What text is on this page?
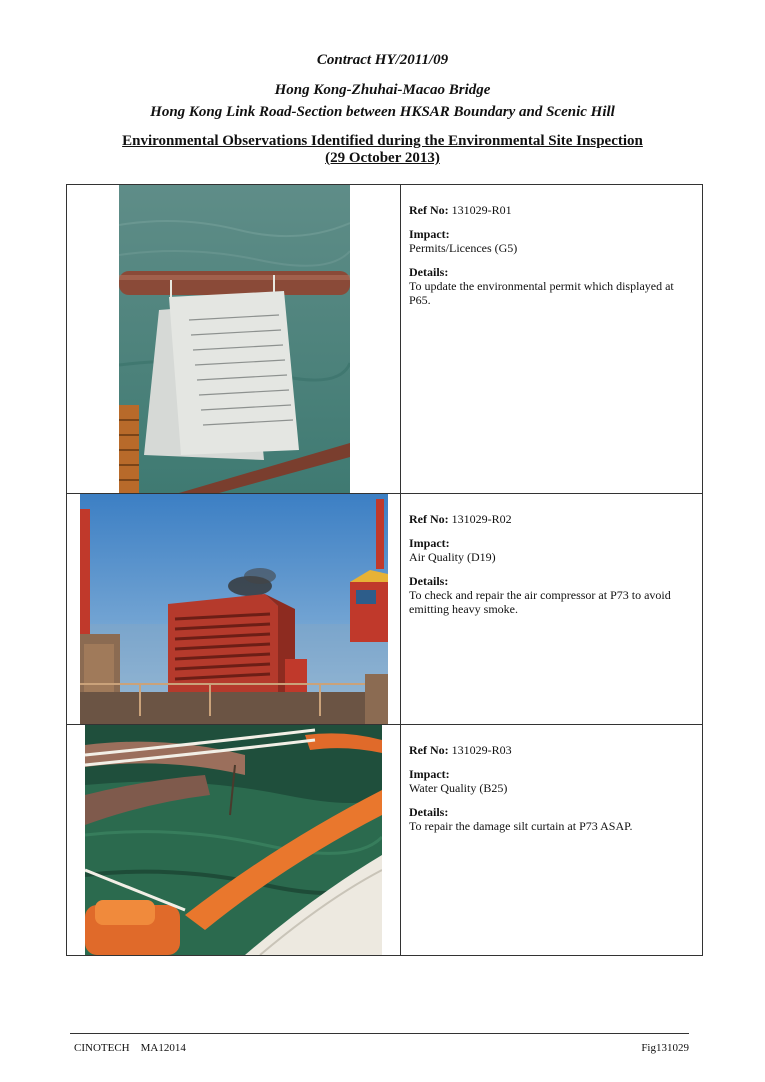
Contract HY/2011/09
Hong Kong-Zhuhai-Macao Bridge
Hong Kong Link Road-Section between HKSAR Boundary and Scenic Hill
Environmental Observations Identified during the Environmental Site Inspection
(29 October 2013)

Ref No: 131029-R01

Impact:
Permits/Licences (G5)

Details:
To update the environmental permit which displayed at P65.

Ref No: 131029-R02

Impact:
Air Quality (D19)

Details:
To check and repair the air compressor at P73 to avoid emitting heavy smoke.

Ref No: 131029-R03

Impact:
Water Quality (B25)

Details:
To repair the damage silt curtain at P73 ASAP.

CINOTECH    MA12014	Fig131029
